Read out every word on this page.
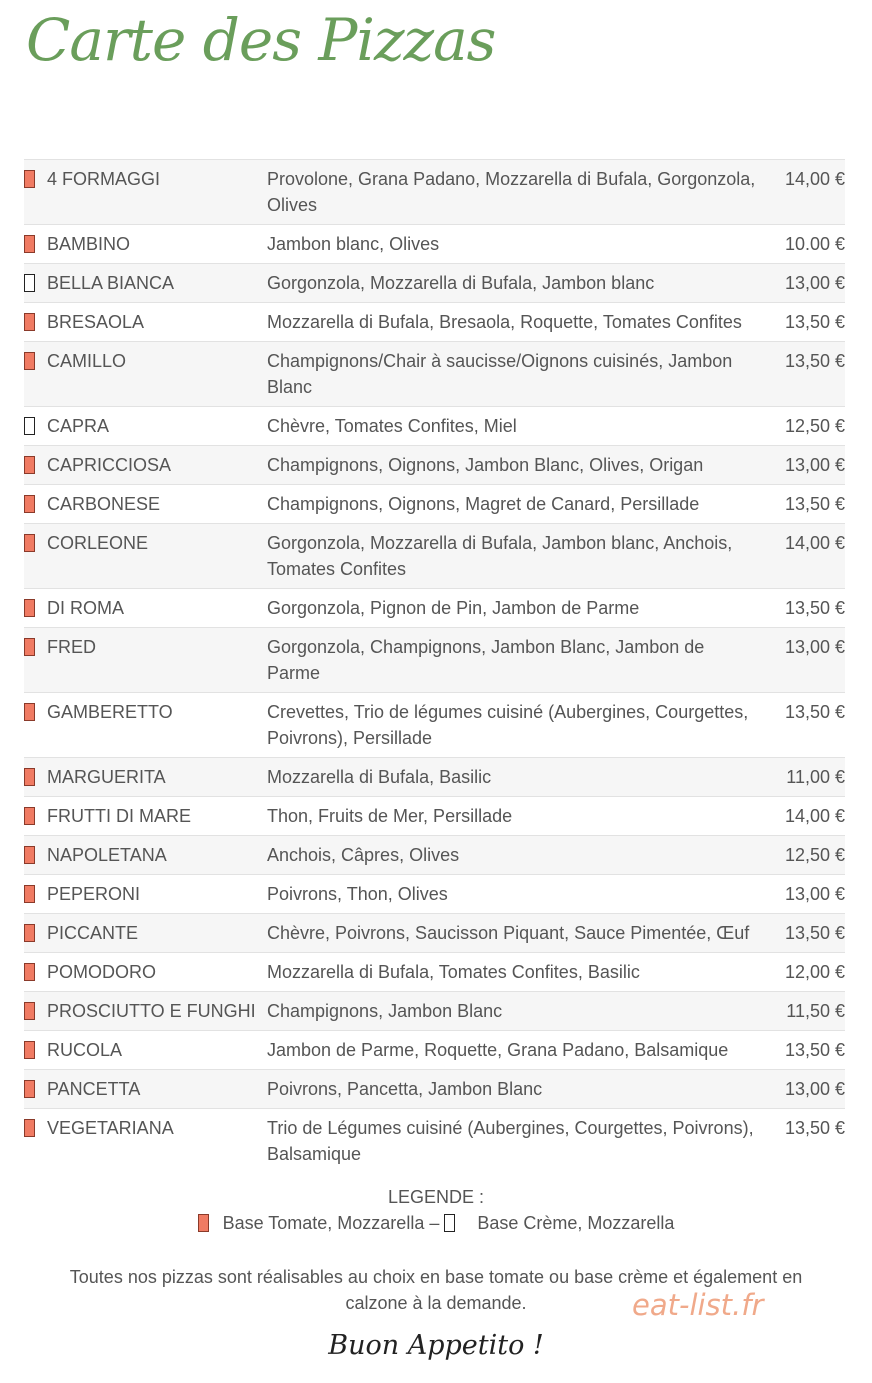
Carte des Pizzas
4 FORMAGGI	Provolone, Grana Padano, Mozzarella di Bufala, Gorgonzola, Olives	14,00 €
BAMBINO	Jambon blanc, Olives	10.00 €
BELLA BIANCA	Gorgonzola, Mozzarella di Bufala, Jambon blanc	13,00 €
BRESAOLA	Mozzarella di Bufala, Bresaola, Roquette, Tomates Confites	13,50 €
CAMILLO	Champignons/Chair à saucisse/Oignons cuisinés, Jambon Blanc	13,50 €
CAPRA	Chèvre, Tomates Confites, Miel	12,50 €
CAPRICCIOSA	Champignons, Oignons, Jambon Blanc, Olives, Origan	13,00 €
CARBONESE	Champignons, Oignons, Magret de Canard, Persillade	13,50 €
CORLEONE	Gorgonzola, Mozzarella di Bufala, Jambon blanc, Anchois, Tomates Confites	14,00 €
DI ROMA	Gorgonzola, Pignon de Pin, Jambon de Parme	13,50 €
FRED	Gorgonzola, Champignons, Jambon Blanc, Jambon de Parme	13,00 €
GAMBERETTO	Crevettes, Trio de légumes cuisiné (Aubergines, Courgettes, Poivrons), Persillade	13,50 €
MARGUERITA	Mozzarella di Bufala, Basilic	11,00 €
FRUTTI DI MARE	Thon, Fruits de Mer, Persillade	14,00 €
NAPOLETANA	Anchois, Câpres, Olives	12,50 €
PEPERONI	Poivrons, Thon, Olives	13,00 €
PICCANTE	Chèvre, Poivrons, Saucisson Piquant, Sauce Pimentée, Œuf	13,50 €
POMODORO	Mozzarella di Bufala, Tomates Confites, Basilic	12,00 €
PROSCIUTTO E FUNGHI	Champignons, Jambon Blanc	11,50 €
RUCOLA	Jambon de Parme, Roquette, Grana Padano, Balsamique	13,50 €
PANCETTA	Poivrons, Pancetta, Jambon Blanc	13,00 €
VEGETARIANA	Trio de Légumes cuisiné (Aubergines, Courgettes, Poivrons), Balsamique	13,50 €
LEGENDE :
Base Tomate, Mozzarella – Base Crème, Mozzarella
Toutes nos pizzas sont réalisables au choix en base tomate ou base crème et également en calzone à la demande.	eat-list.fr
Buon Appetito !
